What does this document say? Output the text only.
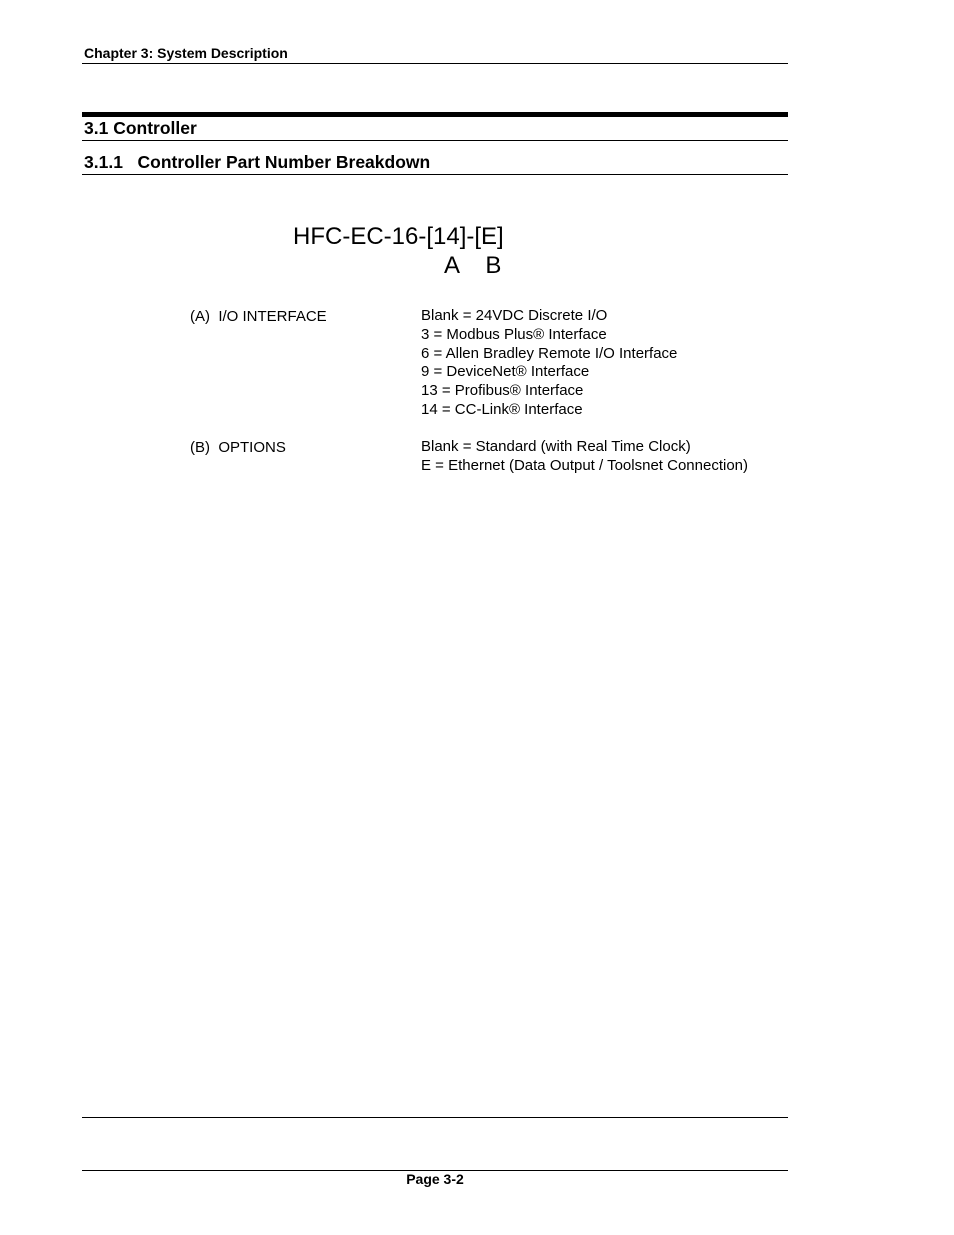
Chapter 3: System Description
3.1 Controller
3.1.1   Controller Part Number Breakdown
HFC-EC-16-[14]-[E]
A    B
(A)  I/O INTERFACE	Blank = 24VDC Discrete I/O
3 = Modbus Plus® Interface
6 = Allen Bradley Remote I/O Interface
9 = DeviceNet® Interface
13 = Profibus® Interface
14 = CC-Link® Interface
(B)  OPTIONS	Blank = Standard (with Real Time Clock)
E = Ethernet (Data Output / Toolsnet Connection)
Page 3-2
